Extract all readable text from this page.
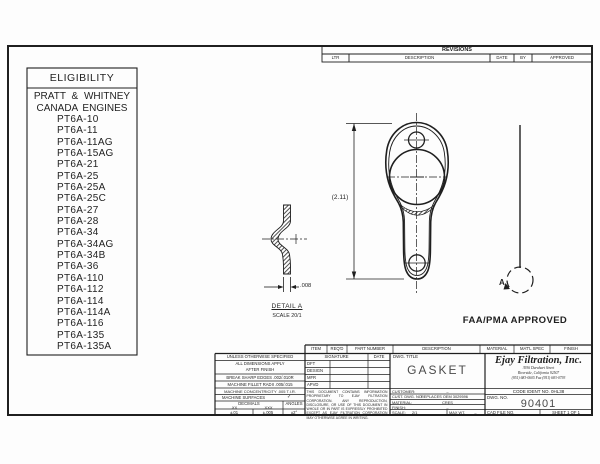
REVISIONS
LTR	DESCRIPTION	DATE	BY	APPROVED
ELIGIBILITY
PRATT & WHITNEY
CANADA ENGINES
PT6A-10
PT6A-11
PT6A-11AG
PT6A-15AG
PT6A-21
PT6A-25
PT6A-25A
PT6A-25C
PT6A-27
PT6A-28
PT6A-34
PT6A-34AG
PT6A-34B
PT6A-36
PT6A-110
PT6A-112
PT6A-114
PT6A-114A
PT6A-116
PT6A-135
PT6A-135A
(2.11)
.008
DETAIL A
SCALE 20/1
A
FAA/PMA APPROVED
ITEM	REQ'D	PART NUMBER	DESCRIPTION	MATERIAL	MAT'L SPEC	FINISH
UNLESS OTHERWISE SPECIFIED
ALL DIMENSIONS APPLY
AFTER FINISH
BREAK SHARP EDGES .002/.010R
MACHINE FILLET RADII .005/.015
MACHINE CONCENTRICITY .005 T.I.R.
MACHINE SURFACES	✓
DECIMALS	ANGLES
.XX	.XXX
±.01	±.005	±2°
SIGNATURE	DATE
DFT
DESIGN
MFR
APVD
THIS DOCUMENT CONTAINS INFORMATION PROPRIETARY TO EJAY FILTRATION CORPORATION. ANY REPRODUCTION, DISCLOSURE, OR USE OF THIS DOCUMENT IN WHOLE OR IN PART IS EXPRESSLY PROHIBITED EXCEPT AS EJAY FILTRATION CORPORATION MAY OTHERWISE AGREE IN WRITING.
DWG. TITLE
GASKET
CUSTOMER:	–
CUST. DWG. NO.
REPLACES OEM 3029596
MATERIAL:	CRES
FINISH:	–
SCALE: 2/1	MAX WT.	–
Ejay Filtration, Inc.
3936 Durahart Street
Riverside, California 92507
(951) 683-0605 Fax (951) 683-0793
CODE IDENT NO. 0HL38
DWG. NO.
90401
CAD FILE NO.	SHEET 1 OF 1
